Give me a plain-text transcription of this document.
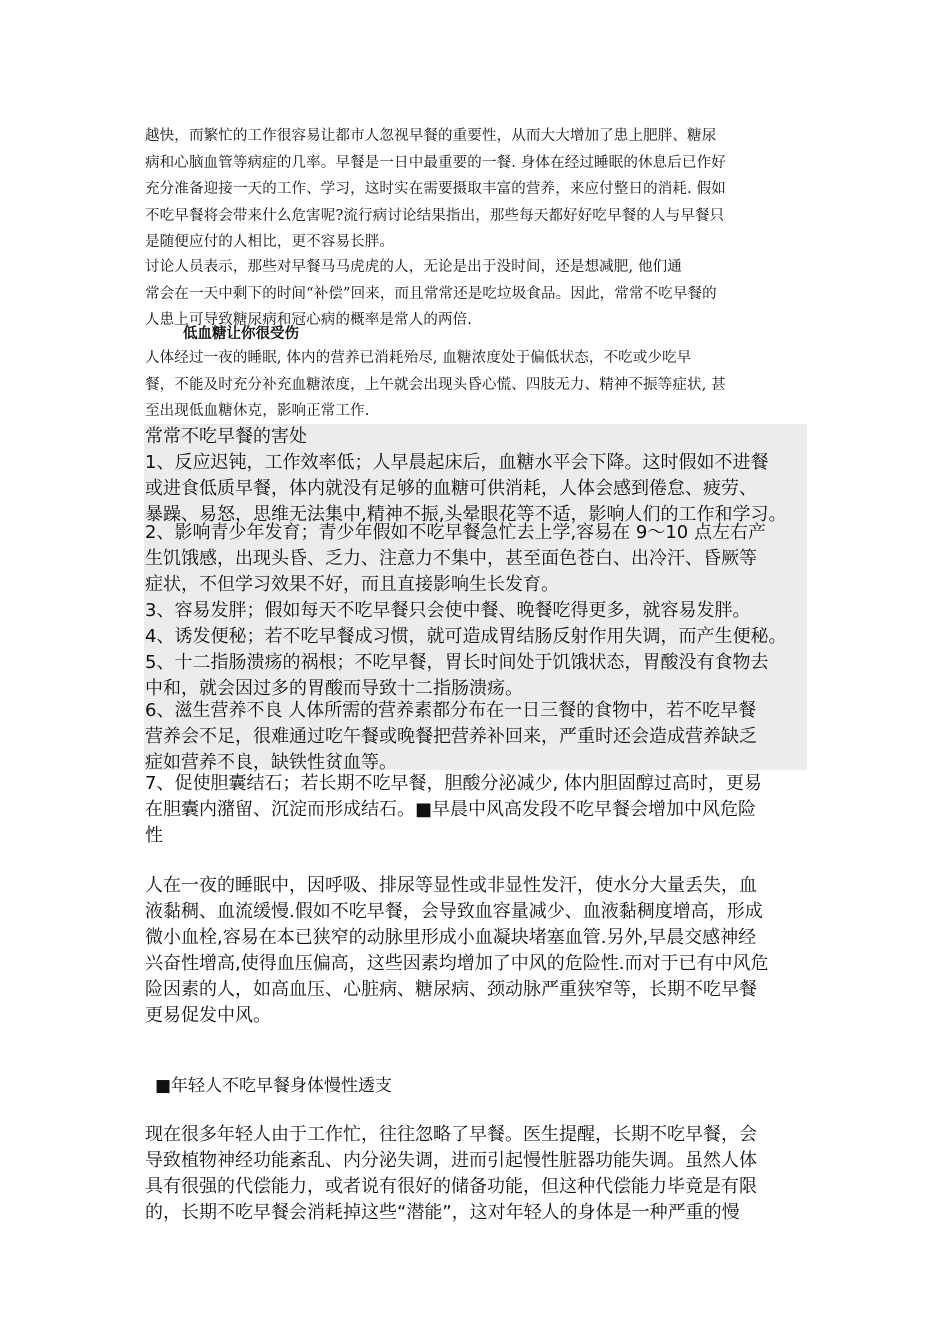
越快，而繁忙的工作很容易让都市人忽视早餐的重要性，从而大大增加了患上肥胖、糖尿
病和心脑血管等病症的几率。早餐是一日中最重要的一餐. 身体在经过睡眠的休息后已作好
充分准备迎接一天的工作、学习，这时实在需要摄取丰富的营养，来应付整日的消耗. 假如
不吃早餐将会带来什么危害呢?流行病讨论结果指出，那些每天都好好吃早餐的人与早餐只
是随便应付的人相比，更不容易长胖。
讨论人员表示，那些对早餐马马虎虎的人，无论是出于没时间，还是想减肥, 他们通
常会在一天中剩下的时间“补偿”回来，而且常常还是吃垃圾食品。因此，常常不吃早餐的
人患上可导致糖尿病和冠心病的概率是常人的两倍.
低血糖让你很受伤
人体经过一夜的睡眠, 体内的营养已消耗殆尽, 血糖浓度处于偏低状态，不吃或少吃早
餐，不能及时充分补充血糖浓度，上午就会出现头昏心慌、四肢无力、精神不振等症状, 甚
至出现低血糖休克，影响正常工作.
常常不吃早餐的害处
1、反应迟钝，工作效率低；人早晨起床后，血糖水平会下降。这时假如不进餐
或进食低质早餐，体内就没有足够的血糖可供消耗，人体会感到倦怠、疲劳、
暴躁、易怒，思维无法集中,精神不振,头晕眼花等不适，影响人们的工作和学习。
2、影响青少年发育；青少年假如不吃早餐急忙去上学,容易在 9～10 点左右产
生饥饿感，出现头昏、乏力、注意力不集中，甚至面色苍白、出冷汗、昏厥等
症状，不但学习效果不好，而且直接影响生长发育。
3、容易发胖；假如每天不吃早餐只会使中餐、晚餐吃得更多，就容易发胖。
4、诱发便秘；若不吃早餐成习惯，就可造成胃结肠反射作用失调，而产生便秘。
5、十二指肠溃疡的祸根；不吃早餐，胃长时间处于饥饿状态，胃酸没有食物去
中和，就会因过多的胃酸而导致十二指肠溃疡。
6、滋生营养不良 人体所需的营养素都分布在一日三餐的食物中，若不吃早餐
营养会不足，很难通过吃午餐或晚餐把营养补回来，严重时还会造成营养缺乏
症如营养不良，缺铁性贫血等。
7、促使胆囊结石；若长期不吃早餐，胆酸分泌减少, 体内胆固醇过高时，更易
在胆囊内潴留、沉淀而形成结石。■早晨中风高发段不吃早餐会增加中风危险
性
人在一夜的睡眠中，因呼吸、排尿等显性或非显性发汗，使水分大量丢失，血
液黏稠、血流缓慢.假如不吃早餐，会导致血容量减少、血液黏稠度增高，形成
微小血栓,容易在本已狭窄的动脉里形成小血凝块堵塞血管.另外,早晨交感神经
兴奋性增高,使得血压偏高，这些因素均增加了中风的危险性.而对于已有中风危
险因素的人，如高血压、心脏病、糖尿病、颈动脉严重狭窄等，长期不吃早餐
更易促发中风。
■年轻人不吃早餐身体慢性透支
现在很多年轻人由于工作忙，往往忽略了早餐。医生提醒，长期不吃早餐，会
导致植物神经功能紊乱、内分泌失调，进而引起慢性脏器功能失调。虽然人体
具有很强的代偿能力，或者说有很好的储备功能，但这种代偿能力毕竟是有限
的，长期不吃早餐会消耗掉这些“潜能”，这对年轻人的身体是一种严重的慢
